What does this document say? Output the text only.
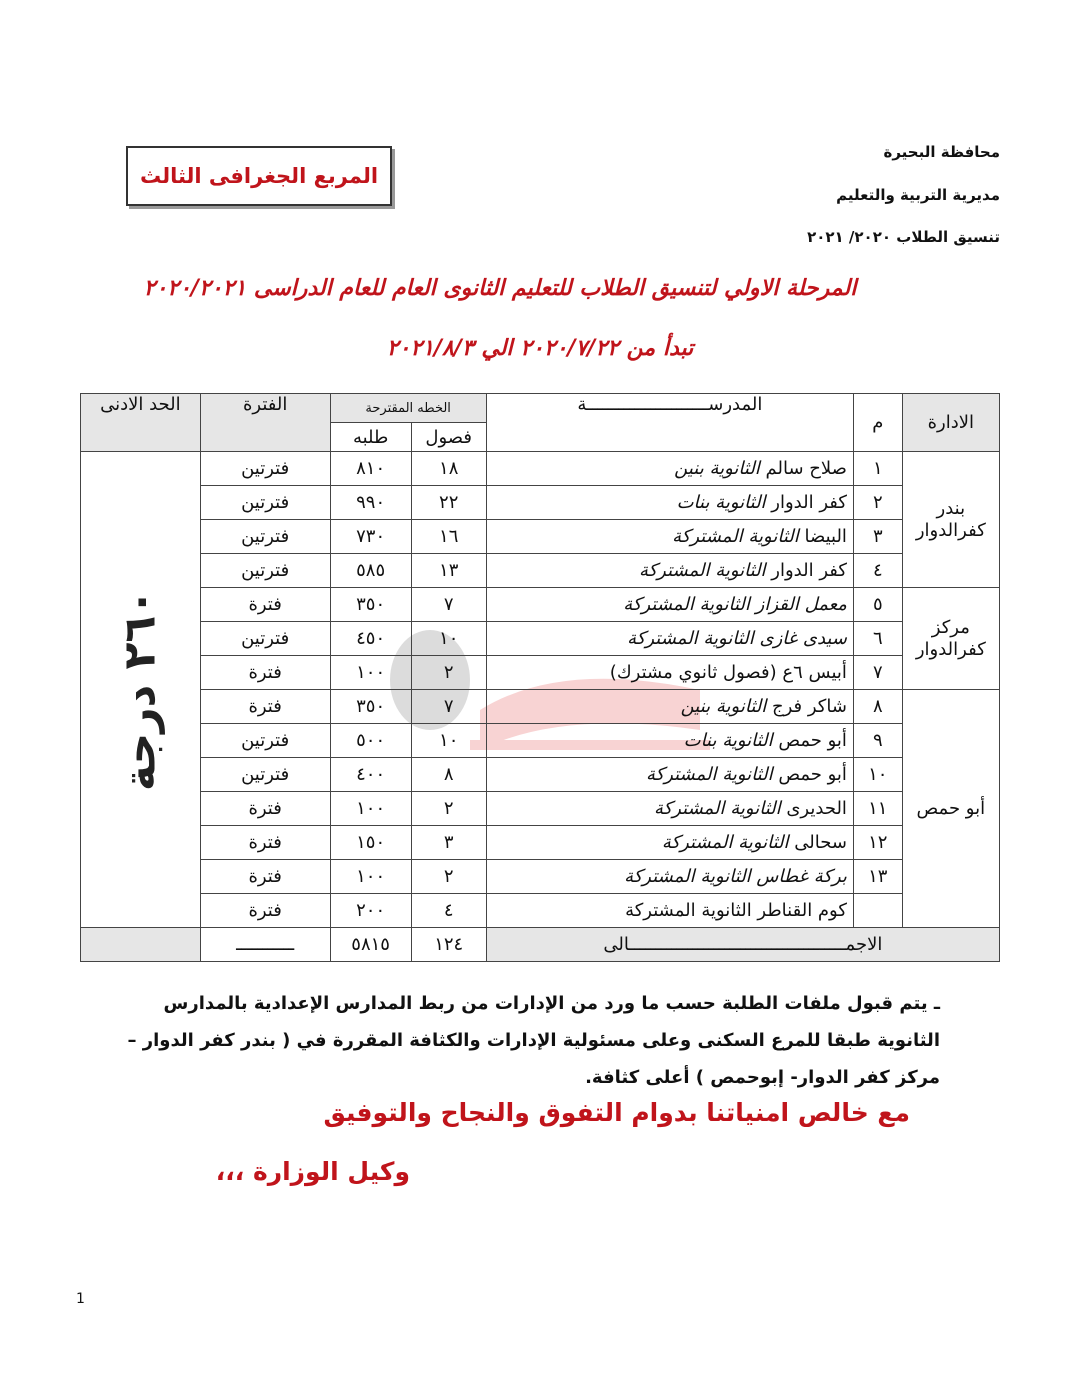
محافظة البحيرة
مديرية التربية والتعليم
تنسيق الطلاب ٢٠٢٠/ ٢٠٢١
المربع الجغرافى الثالث
المرحلة الاولي لتنسيق الطلاب للتعليم الثانوى العام للعام الدراسى ٢٠٢٠/٢٠٢١
تبدأ من ٢٠٢٠/٧/٢٢ الي ٢٠٢١/٨/٣
الادارة	م	المدرســـــــــــــــــــــــة	الخطه المقترحة		الفترة	الحد الادنى
			فصول	طلبه		
بندر كفرالدوار	١	صلاح سالم الثانوية بنين	١٨	٨١٠	فترتين	٢٦٠ درجة

	٢	كفر الدوار الثانوية بنات	٢٢	٩٩٠	فترتين	
	٣	البيضا الثانوية المشتركة	١٦	٧٣٠	فترتين	
	٤	كفر الدوار الثانوية المشتركة	١٣	٥٨٥	فترتين	
مركز كفرالدوار	٥	معمل القزاز الثانوية المشتركة	٧	٣٥٠	فترة	
	٦	سيدى غازى الثانوية المشتركة	١٠	٤٥٠	فترتين	
	٧	أبيس ٦ع (فصول ثانوي مشترك)	٢	١٠٠	فترة	
أبو حمص	٨	شاكر فرج الثانوية بنين	٧	٣٥٠	فترة	
	٩	أبو حمص الثانوية بنات	١٠	٥٠٠	فترتين	
	١٠	أبو حمص الثانوية المشتركة	٨	٤٠٠	فترتين	
	١١	الحديرى الثانوية المشتركة	٢	١٠٠	فترة	
	١٢	سحالى الثانوية المشتركة	٣	١٥٠	فترة	
	١٣	بركة غطاس الثانوية المشتركة	٢	١٠٠	فترة	
		كوم القناطر الثانوية المشتركة	٤	٢٠٠	فترة	
الاجمـــــــــــــــــــــــــــــــــــــــــالى			١٢٤	٥٨١٥	ـــــــــــ	
ـ يتم قبول ملفات الطلبة حسب ما ورد من الإدارات من ربط المدارس الإعدادية بالمدارس الثانوية طبقا للمرع السكنى وعلى مسئولية الإدارات والكثافة المقررة في ( بندر كفر الدوار – مركز كفر الدوار- إبوحمص ) أعلى كثافة.
مع خالص امنياتنا بدوام التفوق والنجاح والتوفيق
وكيل الوزارة ،،،
1
